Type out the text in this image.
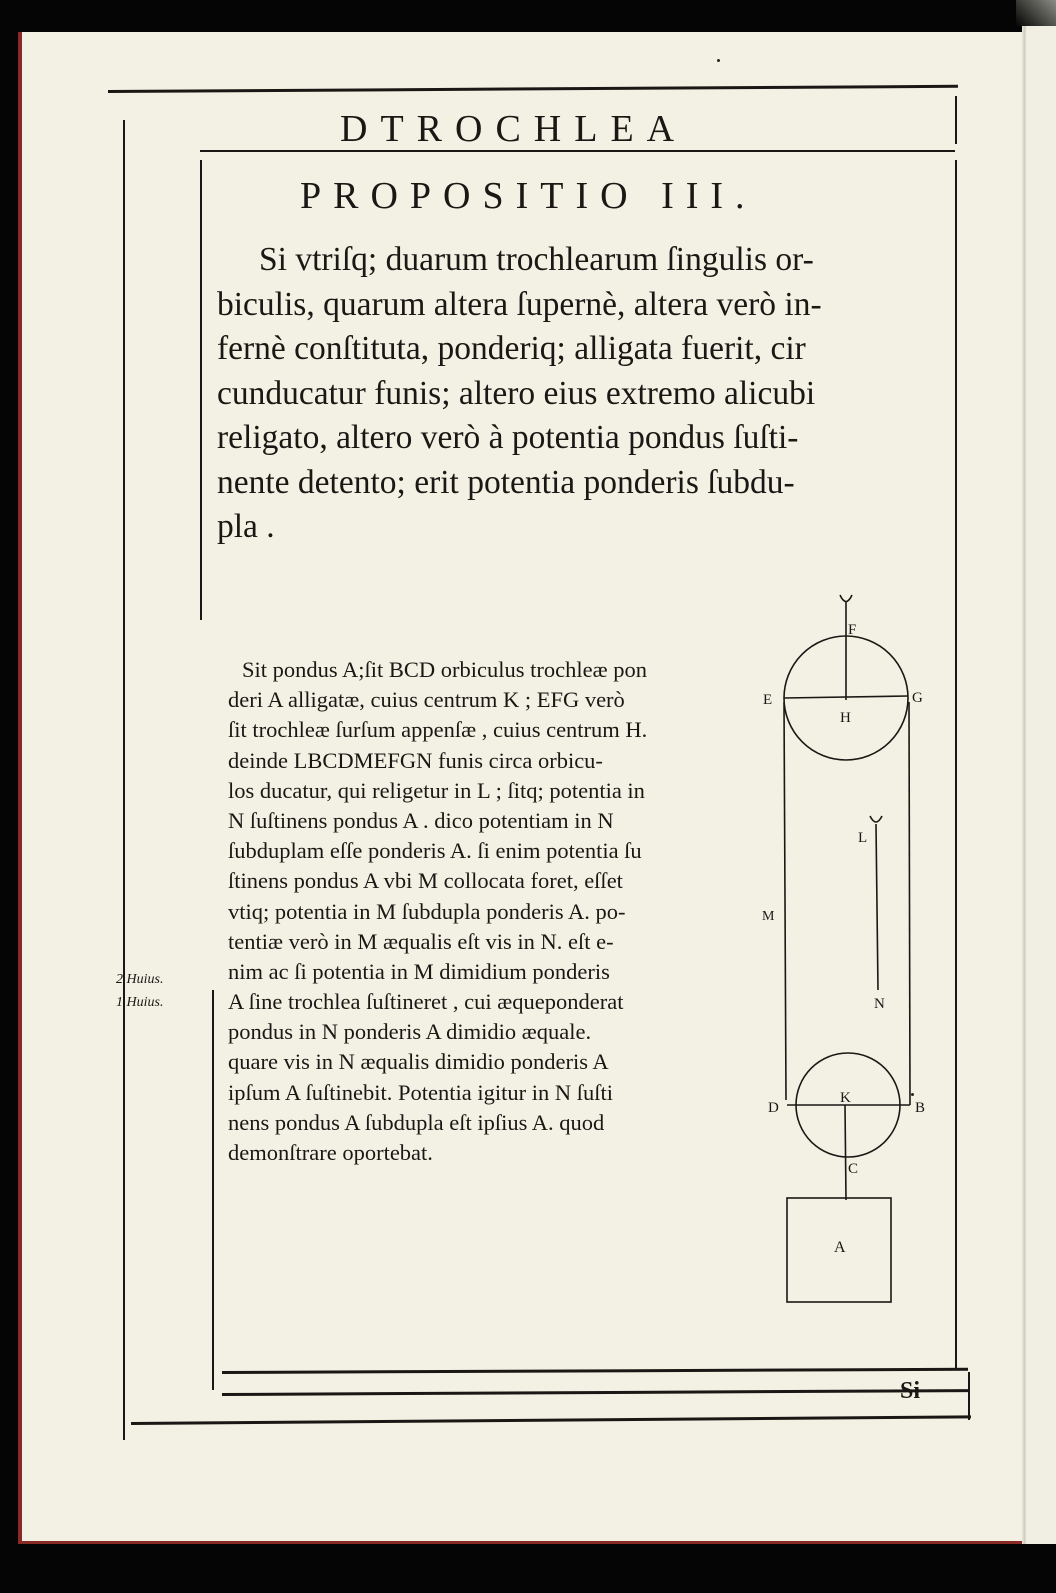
DTROCHLEA
PROPOSITIO III.
Si vtriſq; duarum trochlearum ſingulis or-
biculis, quarum altera ſupernè, altera verò in-
fernè conſtituta, ponderiq; alligata fuerit, cir
cunducatur funis; altero eius extremo alicubi
religato, altero verò à potentia pondus ſuſti-
nente detento; erit potentia ponderis ſubdu-
pla .
Sit pondus A;ſit BCD orbiculus trochleæ pon
deri A alligatæ, cuius centrum K ; EFG verò
ſit trochleæ ſurſum appenſæ , cuius centrum H.
deinde LBCDMEFGN funis circa orbicu-
los ducatur, qui religetur in L ; ſitq; potentia in
N ſuſtinens pondus A . dico potentiam in N
ſubduplam eſſe ponderis A. ſi enim potentia ſu
ſtinens pondus A vbi M collocata foret, eſſet
vtiq; potentia in M ſubdupla ponderis A. po-
tentiæ verò in M æqualis eſt vis in N. eſt e-
nim ac ſi potentia in M dimidium ponderis
A ſine trochlea ſuſtineret , cui æqueponderat
pondus in N ponderis A dimidio æquale.
quare vis in N æqualis dimidio ponderis A
ipſum A ſuſtinebit. Potentia igitur in N ſuſti
nens pondus A ſubdupla eſt ipſius A. quod
demonſtrare oportebat.
2 Huius.
1 Huius.
Si
F
E	G
H
L
M
N
K
D	B
C
A
